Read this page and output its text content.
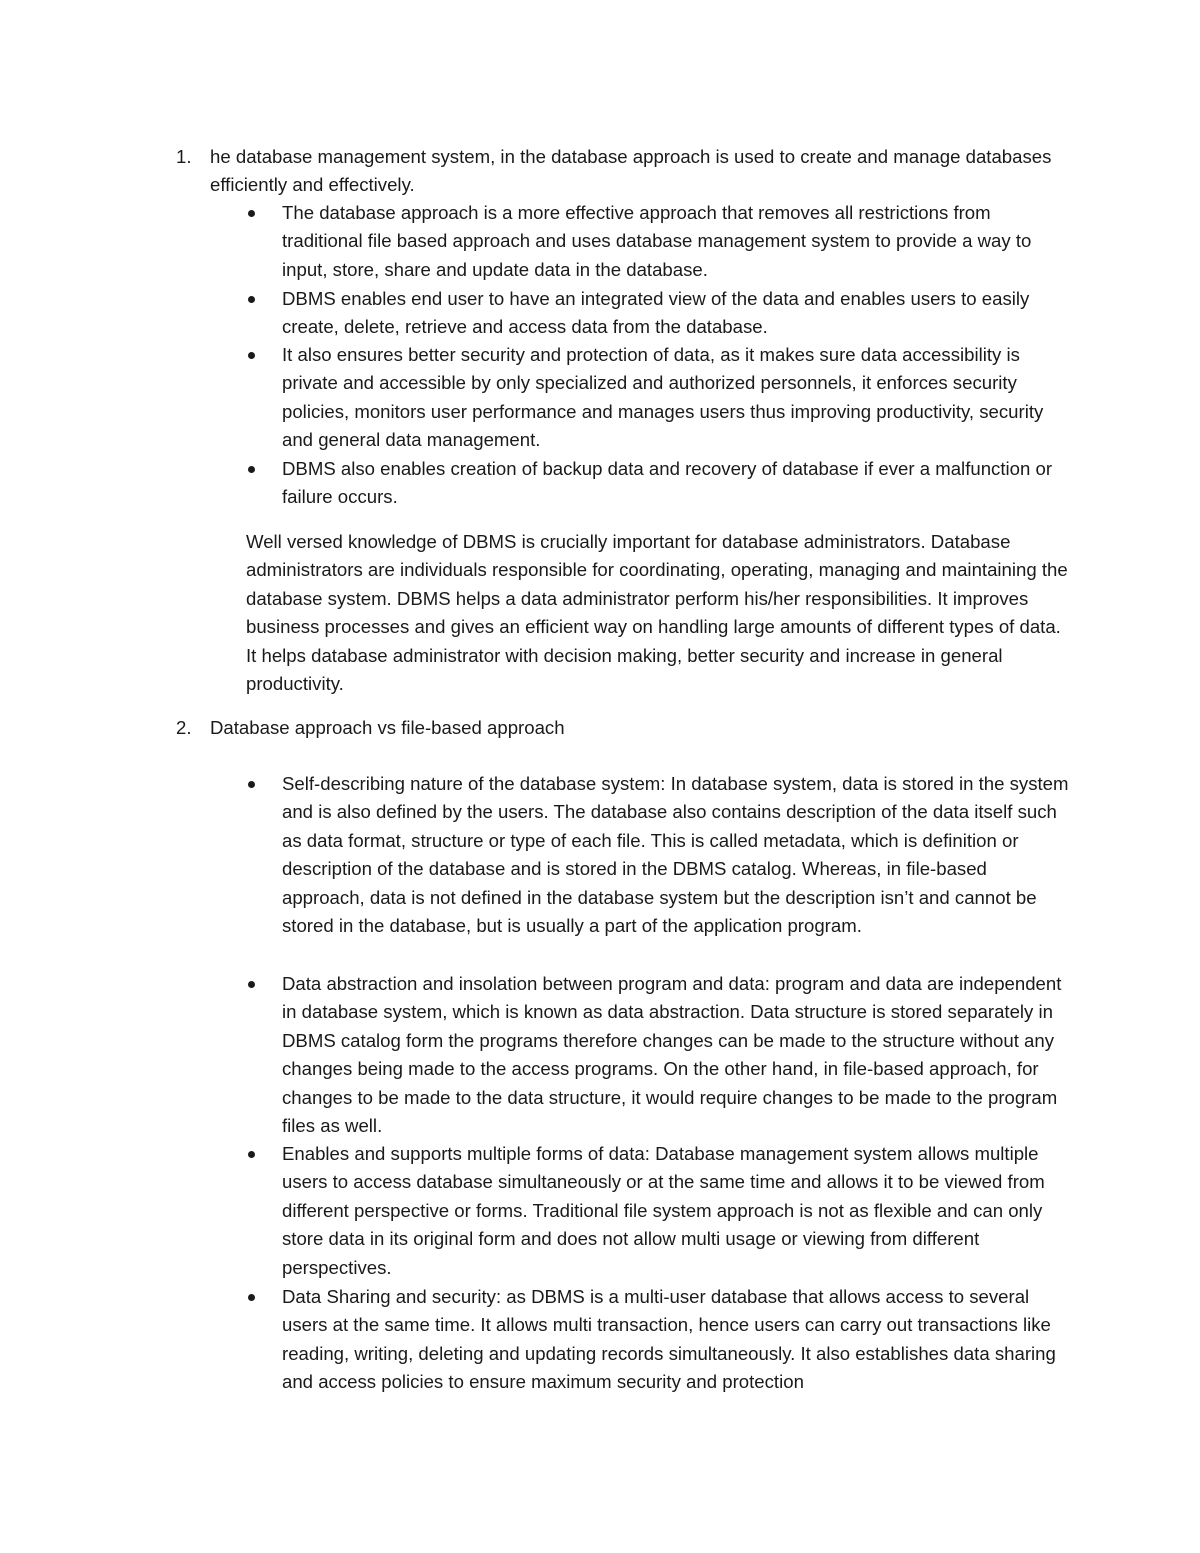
1. he database management system, in the database approach is used to create and manage databases efficiently and effectively.
The database approach is a more effective approach that removes all restrictions from traditional file based approach and uses database management system to provide a way to input, store, share and update data in the database.
DBMS enables end user to have an integrated view of the data and enables users to easily create, delete, retrieve and access data from the database.
It also ensures better security and protection of data, as it makes sure data accessibility is private and accessible by only specialized and authorized personnels, it enforces security policies, monitors user performance and manages users thus improving productivity, security and general data management.
DBMS also enables creation of backup data and recovery of database if ever a malfunction or failure occurs.

Well versed knowledge of DBMS is crucially important for database administrators. Database administrators are individuals responsible for coordinating, operating, managing and maintaining the database system. DBMS helps a data administrator perform his/her responsibilities. It improves business processes and gives an efficient way on handling large amounts of different types of data. It helps database administrator with decision making, better security and increase in general productivity.

2. Database approach vs file-based approach
Self-describing nature of the database system: In database system, data is stored in the system and is also defined by the users. The database also contains description of the data itself such as data format, structure or type of each file. This is called metadata, which is definition or description of the database and is stored in the DBMS catalog. Whereas, in file-based approach, data is not defined in the database system but the description isn’t and cannot be stored in the database, but is usually a part of the application program.
Data abstraction and insolation between program and data: program and data are independent in database system, which is known as data abstraction. Data structure is stored separately in DBMS catalog form the programs therefore changes can be made to the structure without any changes being made to the access programs. On the other hand, in file-based approach, for changes to be made to the data structure, it would require changes to be made to the program files as well.
Enables and supports multiple forms of data: Database management system allows multiple users to access database simultaneously or at the same time and allows it to be viewed from different perspective or forms. Traditional file system approach is not as flexible and can only store data in its original form and does not allow multi usage or viewing from different perspectives.
Data Sharing and security: as DBMS is a multi-user database that allows access to several users at the same time. It allows multi transaction, hence users can carry out transactions like reading, writing, deleting and updating records simultaneously. It also establishes data sharing and access policies to ensure maximum security and protection
